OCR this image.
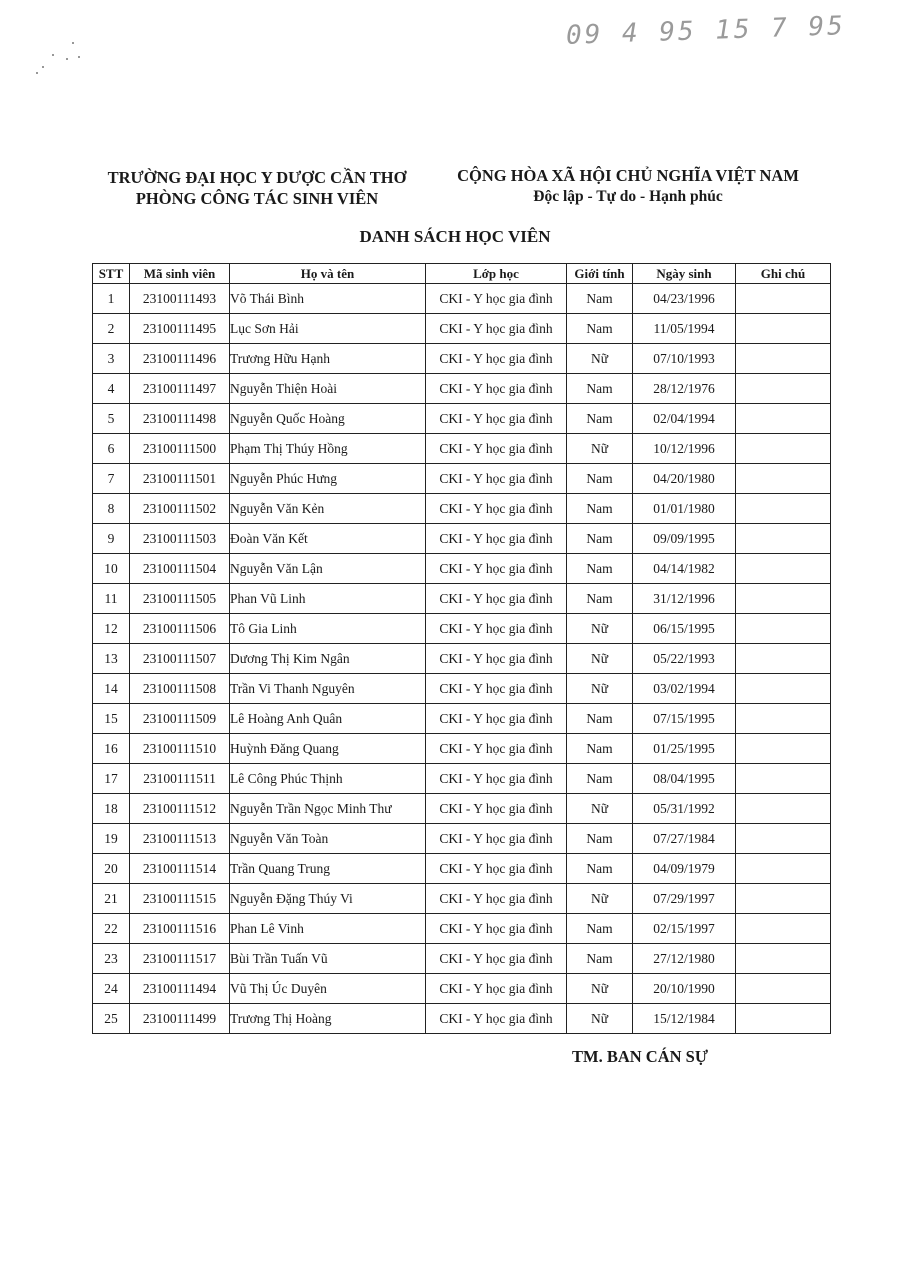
09 4 95 15 7 95
TRƯỜNG ĐẠI HỌC Y DƯỢC CẦN THƠ
PHÒNG CÔNG TÁC SINH VIÊN
CỘNG HÒA XÃ HỘI CHỦ NGHĨA VIỆT NAM
Độc lập - Tự do - Hạnh phúc
DANH SÁCH HỌC VIÊN
STT	Mã sinh viên	Họ và tên	Lớp học	Giới tính	Ngày sinh	Ghi chú
1	23100111493	Võ Thái Bình	CKI - Y học gia đình	Nam	04/23/1996	
2	23100111495	Lục Sơn Hải	CKI - Y học gia đình	Nam	11/05/1994	
3	23100111496	Trương Hữu Hạnh	CKI - Y học gia đình	Nữ	07/10/1993	
4	23100111497	Nguyễn Thiện Hoài	CKI - Y học gia đình	Nam	28/12/1976	
5	23100111498	Nguyễn Quốc Hoàng	CKI - Y học gia đình	Nam	02/04/1994	
6	23100111500	Phạm Thị Thúy Hồng	CKI - Y học gia đình	Nữ	10/12/1996	
7	23100111501	Nguyễn Phúc Hưng	CKI - Y học gia đình	Nam	04/20/1980	
8	23100111502	Nguyễn Văn Kẻn	CKI - Y học gia đình	Nam	01/01/1980	
9	23100111503	Đoàn Văn Kết	CKI - Y học gia đình	Nam	09/09/1995	
10	23100111504	Nguyễn Văn Lận	CKI - Y học gia đình	Nam	04/14/1982	
11	23100111505	Phan Vũ Linh	CKI - Y học gia đình	Nam	31/12/1996	
12	23100111506	Tô Gia Linh	CKI - Y học gia đình	Nữ	06/15/1995	
13	23100111507	Dương Thị Kim Ngân	CKI - Y học gia đình	Nữ	05/22/1993	
14	23100111508	Trần Vi Thanh Nguyên	CKI - Y học gia đình	Nữ	03/02/1994	
15	23100111509	Lê Hoàng Anh Quân	CKI - Y học gia đình	Nam	07/15/1995	
16	23100111510	Huỳnh Đăng Quang	CKI - Y học gia đình	Nam	01/25/1995	
17	23100111511	Lê Công Phúc Thịnh	CKI - Y học gia đình	Nam	08/04/1995	
18	23100111512	Nguyễn Trần Ngọc Minh Thư	CKI - Y học gia đình	Nữ	05/31/1992	
19	23100111513	Nguyễn Văn Toàn	CKI - Y học gia đình	Nam	07/27/1984	
20	23100111514	Trần Quang Trung	CKI - Y học gia đình	Nam	04/09/1979	
21	23100111515	Nguyễn Đặng Thúy Vi	CKI - Y học gia đình	Nữ	07/29/1997	
22	23100111516	Phan Lê Vinh	CKI - Y học gia đình	Nam	02/15/1997	
23	23100111517	Bùi Trần Tuấn Vũ	CKI - Y học gia đình	Nam	27/12/1980	
24	23100111494	Vũ Thị Úc Duyên	CKI - Y học gia đình	Nữ	20/10/1990	
25	23100111499	Trương Thị Hoàng	CKI - Y học gia đình	Nữ	15/12/1984	
TM. BAN CÁN SỰ
